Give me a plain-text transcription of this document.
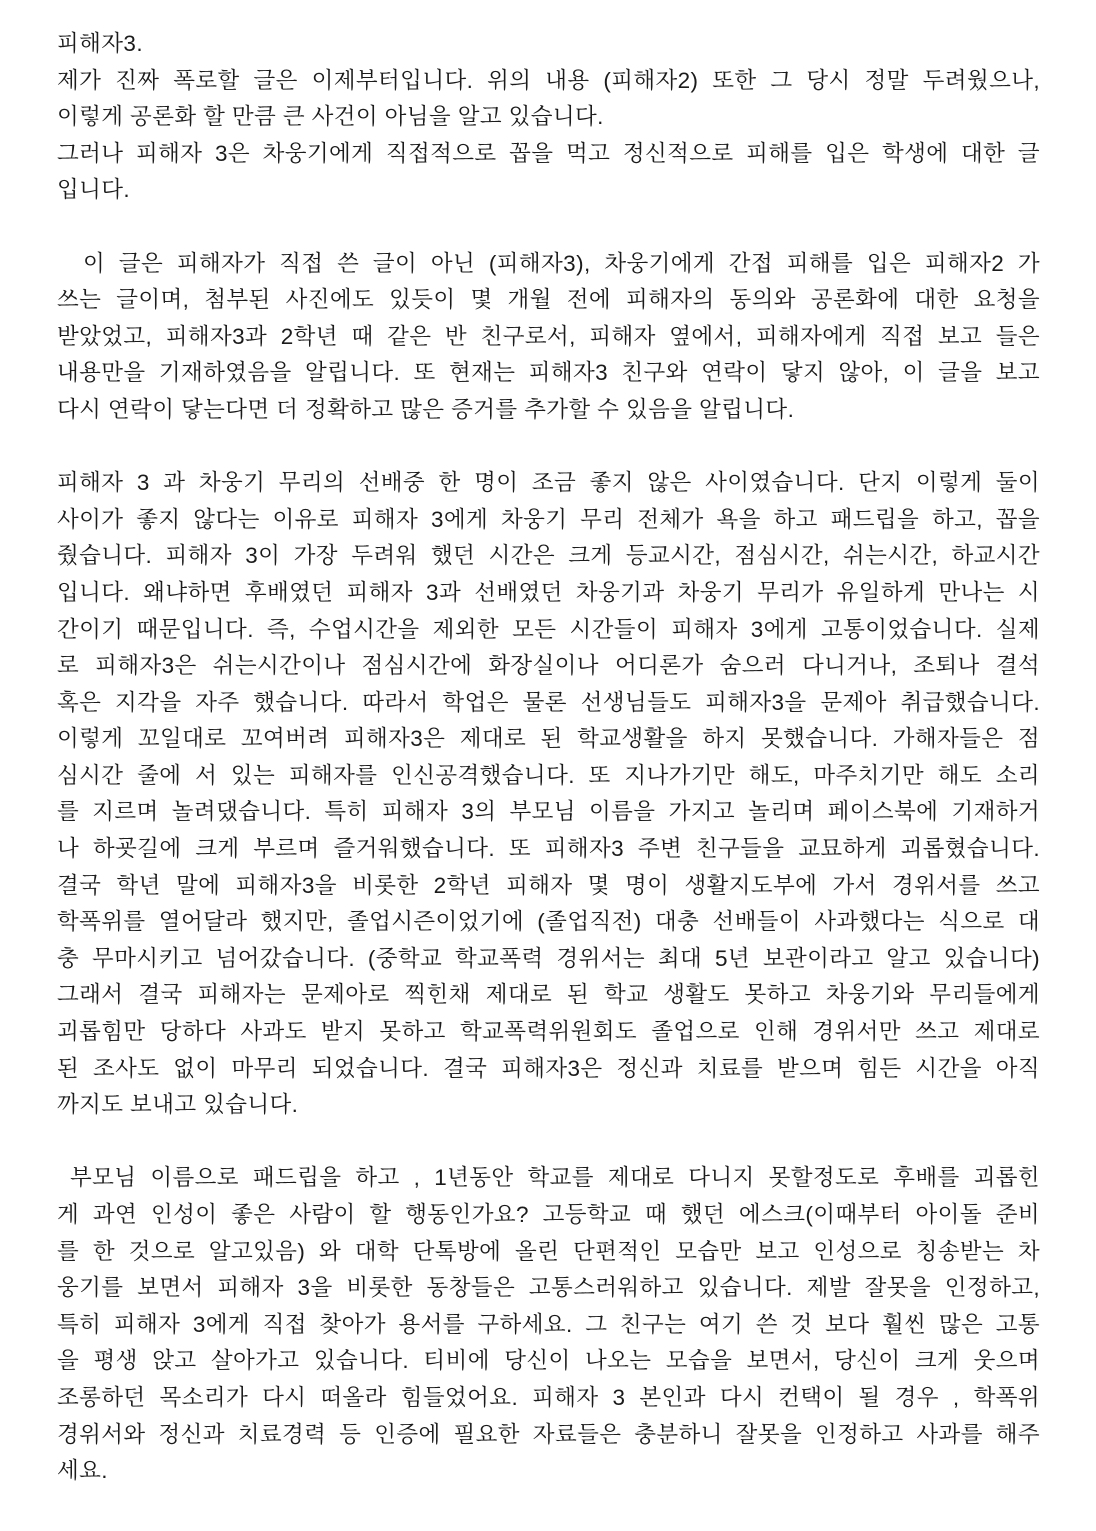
피해자3.
제가 진짜 폭로할 글은 이제부터입니다. 위의 내용 (피해자2) 또한 그 당시 정말 두려웠으나,
이렇게 공론화 할 만큼 큰 사건이 아님을 알고 있습니다.
그러나 피해자 3은 차웅기에게 직접적으로 꼽을 먹고 정신적으로 피해를 입은 학생에 대한 글
입니다.
이 글은 피해자가 직접 쓴 글이 아닌 (피해자3), 차웅기에게 간접 피해를 입은 피해자2 가
쓰는 글이며, 첨부된 사진에도 있듯이 몇 개월 전에 피해자의 동의와 공론화에 대한 요청을
받았었고, 피해자3과 2학년 때 같은 반 친구로서, 피해자 옆에서, 피해자에게 직접 보고 들은
내용만을 기재하였음을 알립니다. 또 현재는 피해자3 친구와 연락이 닿지 않아, 이 글을 보고
다시 연락이 닿는다면 더 정확하고 많은 증거를 추가할 수 있음을 알립니다.
피해자 3 과 차웅기 무리의 선배중 한 명이 조금 좋지 않은 사이였습니다. 단지 이렇게 둘이
사이가 좋지 않다는 이유로 피해자 3에게 차웅기 무리 전체가 욕을 하고 패드립을 하고, 꼽을
줬습니다. 피해자 3이 가장 두려워 했던 시간은 크게 등교시간, 점심시간, 쉬는시간, 하교시간
입니다. 왜냐하면 후배였던 피해자 3과 선배였던 차웅기과 차웅기 무리가 유일하게 만나는 시
간이기 때문입니다. 즉, 수업시간을 제외한 모든 시간들이 피해자 3에게 고통이었습니다. 실제
로 피해자3은 쉬는시간이나 점심시간에 화장실이나 어디론가 숨으러 다니거나, 조퇴나 결석
혹은 지각을 자주 했습니다. 따라서 학업은 물론 선생님들도 피해자3을 문제아 취급했습니다.
이렇게 꼬일대로 꼬여버려 피해자3은 제대로 된 학교생활을 하지 못했습니다. 가해자들은 점
심시간 줄에 서 있는 피해자를 인신공격했습니다. 또 지나가기만 해도, 마주치기만 해도 소리
를 지르며 놀려댔습니다. 특히 피해자 3의 부모님 이름을 가지고 놀리며 페이스북에 기재하거
나 하굣길에 크게 부르며 즐거워했습니다. 또 피해자3 주변 친구들을 교묘하게 괴롭혔습니다.
결국 학년 말에 피해자3을 비롯한 2학년 피해자 몇 명이 생활지도부에 가서 경위서를 쓰고
학폭위를 열어달라 했지만, 졸업시즌이었기에 (졸업직전) 대충 선배들이 사과했다는 식으로 대
충 무마시키고 넘어갔습니다. (중학교 학교폭력 경위서는 최대 5년 보관이라고 알고 있습니다)
그래서 결국 피해자는 문제아로 찍힌채 제대로 된 학교 생활도 못하고 차웅기와 무리들에게
괴롭힘만 당하다 사과도 받지 못하고 학교폭력위원회도 졸업으로 인해 경위서만 쓰고 제대로
된 조사도 없이 마무리 되었습니다. 결국 피해자3은 정신과 치료를 받으며 힘든 시간을 아직
까지도 보내고 있습니다.
부모님 이름으로 패드립을 하고 , 1년동안 학교를 제대로 다니지 못할정도로 후배를 괴롭힌
게 과연 인성이 좋은 사람이 할 행동인가요? 고등학교 때 했던 에스크(이때부터 아이돌 준비
를 한 것으로 알고있음) 와 대학 단톡방에 올린 단편적인 모습만 보고 인성으로 칭송받는 차
웅기를 보면서 피해자 3을 비롯한 동창들은 고통스러워하고 있습니다. 제발 잘못을 인정하고,
특히 피해자 3에게 직접 찾아가 용서를 구하세요. 그 친구는 여기 쓴 것 보다 훨씬 많은 고통
을 평생 앉고 살아가고 있습니다. 티비에 당신이 나오는 모습을 보면서, 당신이 크게 웃으며
조롱하던 목소리가 다시 떠올라 힘들었어요. 피해자 3 본인과 다시 컨택이 될 경우 , 학폭위
경위서와 정신과 치료경력 등 인증에 필요한 자료들은 충분하니 잘못을 인정하고 사과를 해주
세요.
